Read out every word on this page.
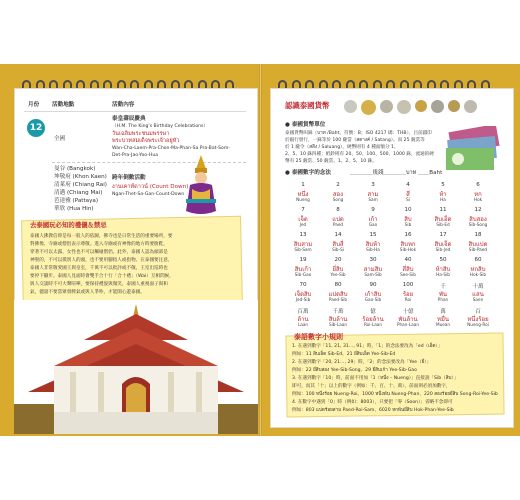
月份 活動地點	活動內容
12
全國
泰皇壽辰慶典
（H.M. The King's Birthday Celebrations）
วันเฉลิมพระชนมพรรษา
พระบาทสมเด็จพระเจ้าอยู่หัว
Wan-Cha-Laem-Pra-Chon-Ma-Phan-Sa Pra-Bat-Som-
Det-Pra-Jao-Yoo-Hua
曼谷 (Bangkok)
坤敬府 (Khon Kaen)
清萊府 (Chiang Rai)
清邁 (Chiang Mai)
芭達雅 (Pattaya)
華欣 (Hua Hin)
跨年倒數活動
งานเคาท์ดาวน์ (Count Down)
Ngan-Thet-Sa-Gan-Count-Down
去泰國玩必知的禮儀＆禁忌
泰國人佛教信仰是每一般人的依歸，佛寺也是日常生活的重要場所，要
對佛像、寺廟或僧侶表示尊敬。進入寺廟或有神像的地方時要脫鞋，
穿著不可以太露、女性也不可以觸碰僧侶。此外，泰國人認為頭部是
神聖的，不可以摸別人的頭，也不要用腳指人或指物。在泰國要注意，
泰國人非常敬愛國王與皇室，千萬不可以批評或不敬。王室出巡時也
要停下腳步。泰國人見面時會雙手合十行「合十禮」（Wai）互相問候，
與人交談時不可大聲喧嘩，要保持禮貌與微笑，泰國人重視面子與和
氣，儘量不要當眾發脾氣或與人爭吵，才能開心遊泰國。
認識泰國貨幣
● 泰國貨幣單位
泰國貨幣叫銖（บาท /Baht，符號：B；ISO 4217 碼：THB），目前鑄印
於銀行發行，一銖等於 100 薩當（สตางค์ / Satang）。而 25 薩當等
於 1 薩令（สลึง / Saluang），硬幣則有 4 種面額分 1、
2、5、10 銖四種；紙鈔則有 20、50、100、500、1000 銖，流通的硬
幣有 25 薩當、50 薩當、1、2、5、10 銖。
● 泰國數字的念法	＿＿＿＿幾錢＿＿＿＿บาท ＿＿Baht
1
หนึ่ง
Nueng
2
สอง
Song
3
สาม
Sam
4
สี่
Si
5
ห้า
Ha
6
หก
Hok
7
เจ็ด
Jed
8
แปด
Paed
9
เก้า
Gao
10
สิบ
Sib
11
สิบเอ็ด
Sib-Ed
12
สิบสอง
Sib-Song
13
สิบสาม
Sib-Sam
14
สิบสี่
Sib-Si
15
สิบห้า
Sib-Ha
16
สิบหก
Sib-Hok
17
สิบเจ็ด
Sib-Jed
18
สิบแปด
Sib-Paed
19
สิบเก้า
Sib-Gao
20
ยี่สิบ
Yee-Sib
30
สามสิบ
Sam-Sib
40
สี่สิบ
See-Sib
50
ห้าสิบ
Ha-Sib
60
หกสิบ
Hok-Sib
70
เจ็ดสิบ
Jed-Sib
80
แปดสิบ
Paed-Sib
90
เก้าสิบ
Gao-Sib
100
ร้อย
Roi
千
พัน
Phan
十萬
แสน
Saen
百萬
ล้าน
Laan
千萬
สิบล้าน
Sib-Laan
億
ร้อยล้าน
Roi-Laan
十億
พันล้าน
Phan-Laan
萬
หมื่น
Muean
百
หนึ่งร้อย
Nueng-Roi
泰語數字小規則
1. 在遇到數字「11, 21, 31…, 91」時，「1」的念法要改為「ed（เอ็ด）」
例如：11 สิบเอ็ด Sib-Ed、21 ยี่สิบเอ็ด Yee-Sib-Ed
2. 在遇到數字「20, 21…, 29」時，「2」的念法要改為「Yee（ยี่）」
例如：22 ยี่สิบสอง Yee-Sib-Song、29 ยี่สิบเก้า Yee-Sib-Gao
3. 在遇到數字「10」時，前面不用加「1（หนึ่ง – Nueng）」直接說「Sib（สิบ）」
即可，而其「十」以上的數字（例如：千、百、十、萬），前面則必須加數字，
例如：100 หนึ่งร้อย Nueng-Roi、1000 หนึ่งพัน Nueng-Phan、220 สองร้อยยี่สิบ Song-Roi-Yee-Sib
4. 在數字中遇到「0」時（例如：8003），只要把「零（Soon）」省略不念即可
例如：803 แปดร้อยสาม Paed-Roi-Sam、6020 หกพันยี่สิบ Hok-Phan-Yee-Sib
